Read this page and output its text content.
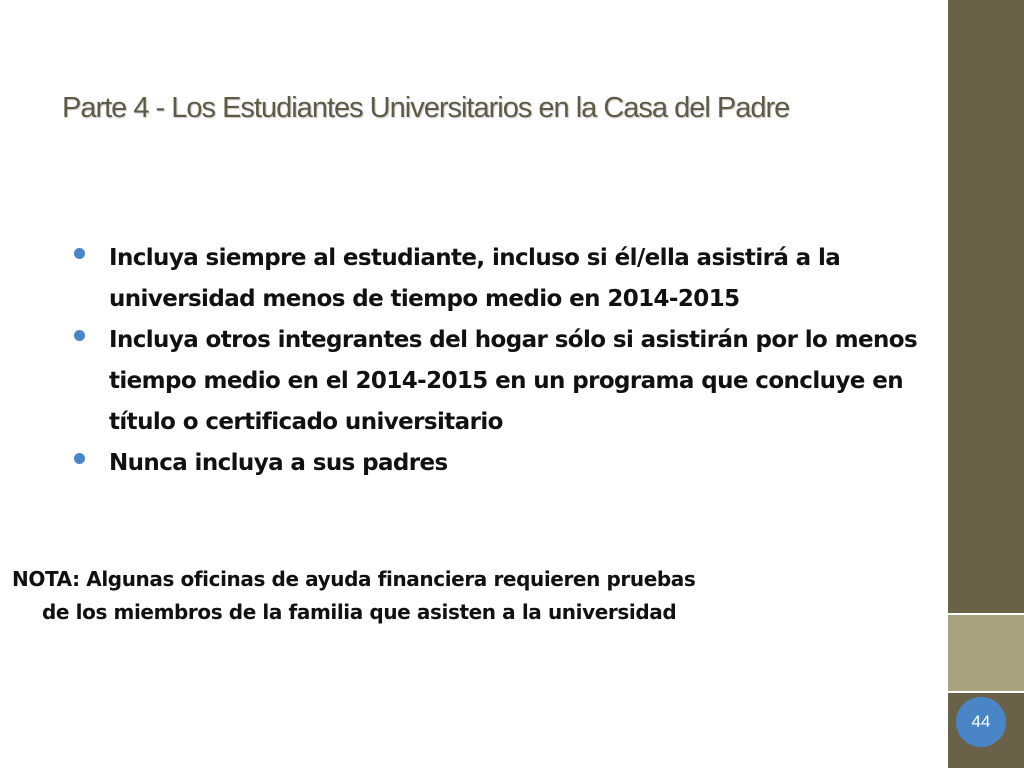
Parte 4 - Los Estudiantes Universitarios en la Casa del Padre
Incluya siempre al estudiante, incluso si él/ella asistirá a la universidad menos de tiempo medio en 2014-2015
Incluya otros integrantes del hogar sólo si asistirán por lo menos tiempo medio en el 2014-2015 en un programa que concluye en título o certificado universitario
Nunca incluya a sus padres
NOTA: Algunas oficinas de ayuda financiera requieren pruebas
de los miembros de la familia que asisten a la universidad
44
